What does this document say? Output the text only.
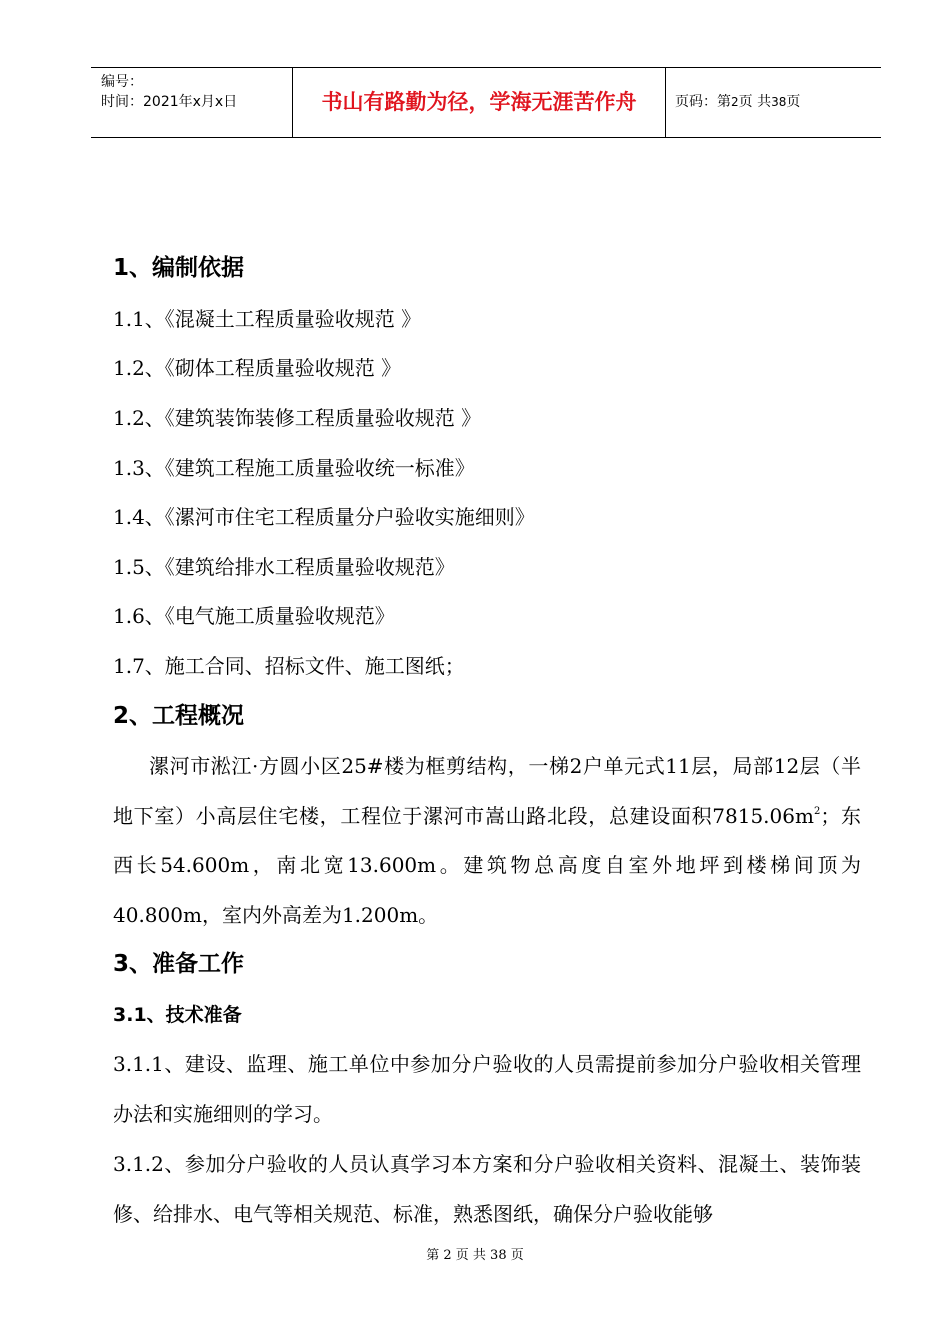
编号：
时间：2021年x月x日	书山有路勤为径，学海无涯苦作舟	页码：第2页 共38页
1、编制依据
1.1、《混凝土工程质量验收规范 》
1.2、《砌体工程质量验收规范 》
1.2、《建筑装饰装修工程质量验收规范 》
1.3、《建筑工程施工质量验收统一标准》
1.4、《漯河市住宅工程质量分户验收实施细则》
1.5、《建筑给排水工程质量验收规范》
1.6、《电气施工质量验收规范》
1.7、施工合同、招标文件、施工图纸；
2、工程概况
漯河市淞江·方圆小区25#楼为框剪结构，一梯2户单元式11层，局部12层（半地下室）小高层住宅楼，工程位于漯河市嵩山路北段，总建设面积$7815.06m^2$；东西长54.600m，南北宽13.600m。建筑物总高度自室外地坪到楼梯间顶为40.800m，室内外高差为1.200m。
3、准备工作
3.1、技术准备
3.1.1、建设、监理、施工单位中参加分户验收的人员需提前参加分户验收相关管理办法和实施细则的学习。
3.1.2、参加分户验收的人员认真学习本方案和分户验收相关资料、混凝土、装饰装修、给排水、电气等相关规范、标准，熟悉图纸，确保分户验收能够
第 2 页 共 38 页
